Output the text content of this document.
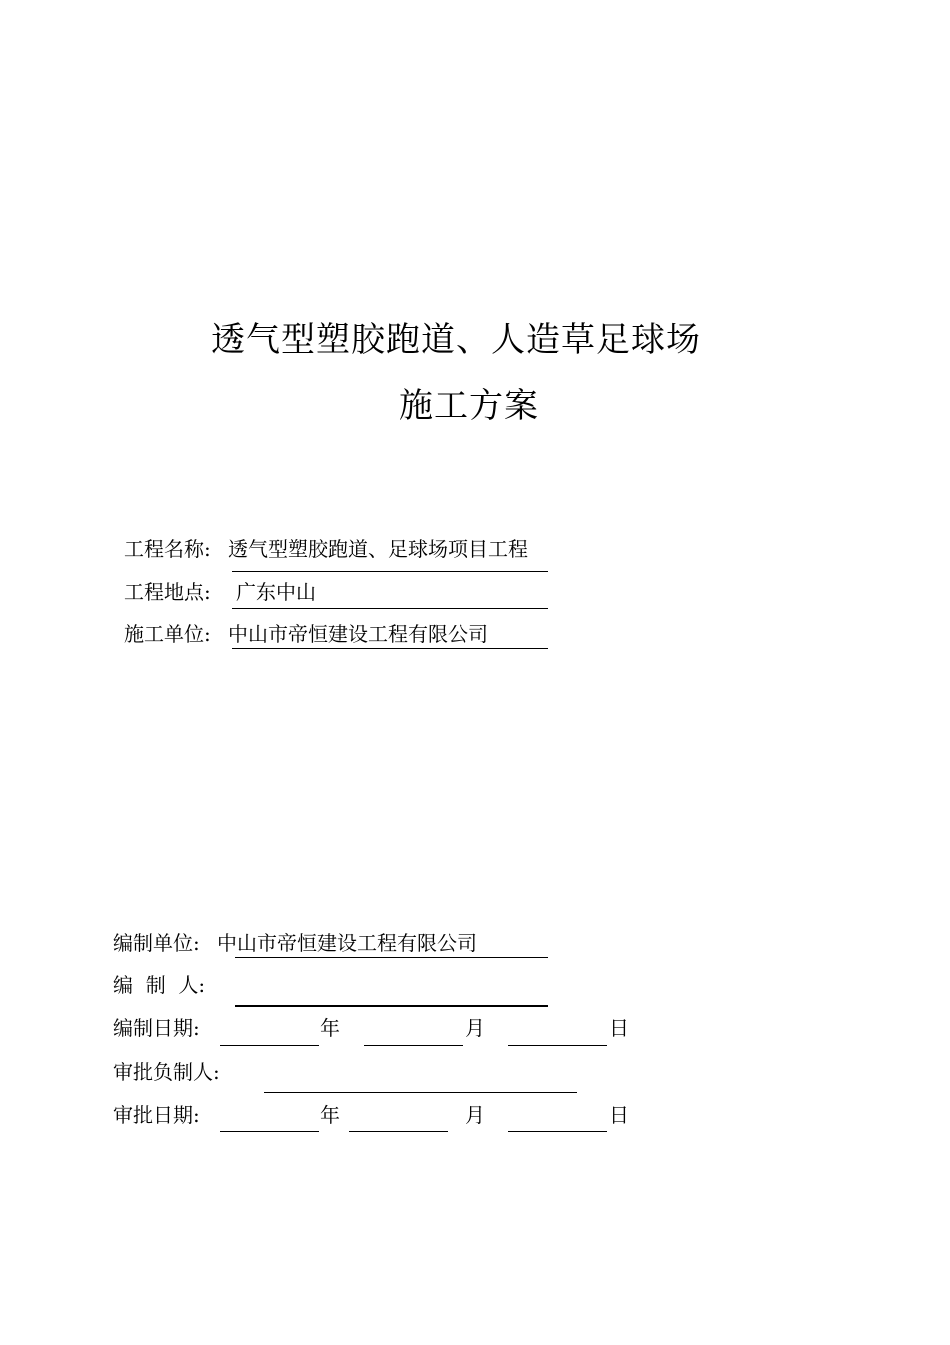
透气型塑胶跑道、人造草足球场
施工方案
工程名称: 透气型塑胶跑道、足球场项目工程
工程地点: 广东中山
施工单位: 中山市帝恒建设工程有限公司
编制单位: 中山市帝恒建设工程有限公司
编  制  人:
编制日期:	年	月	日
审批负制人:
审批日期:	年	月	日
